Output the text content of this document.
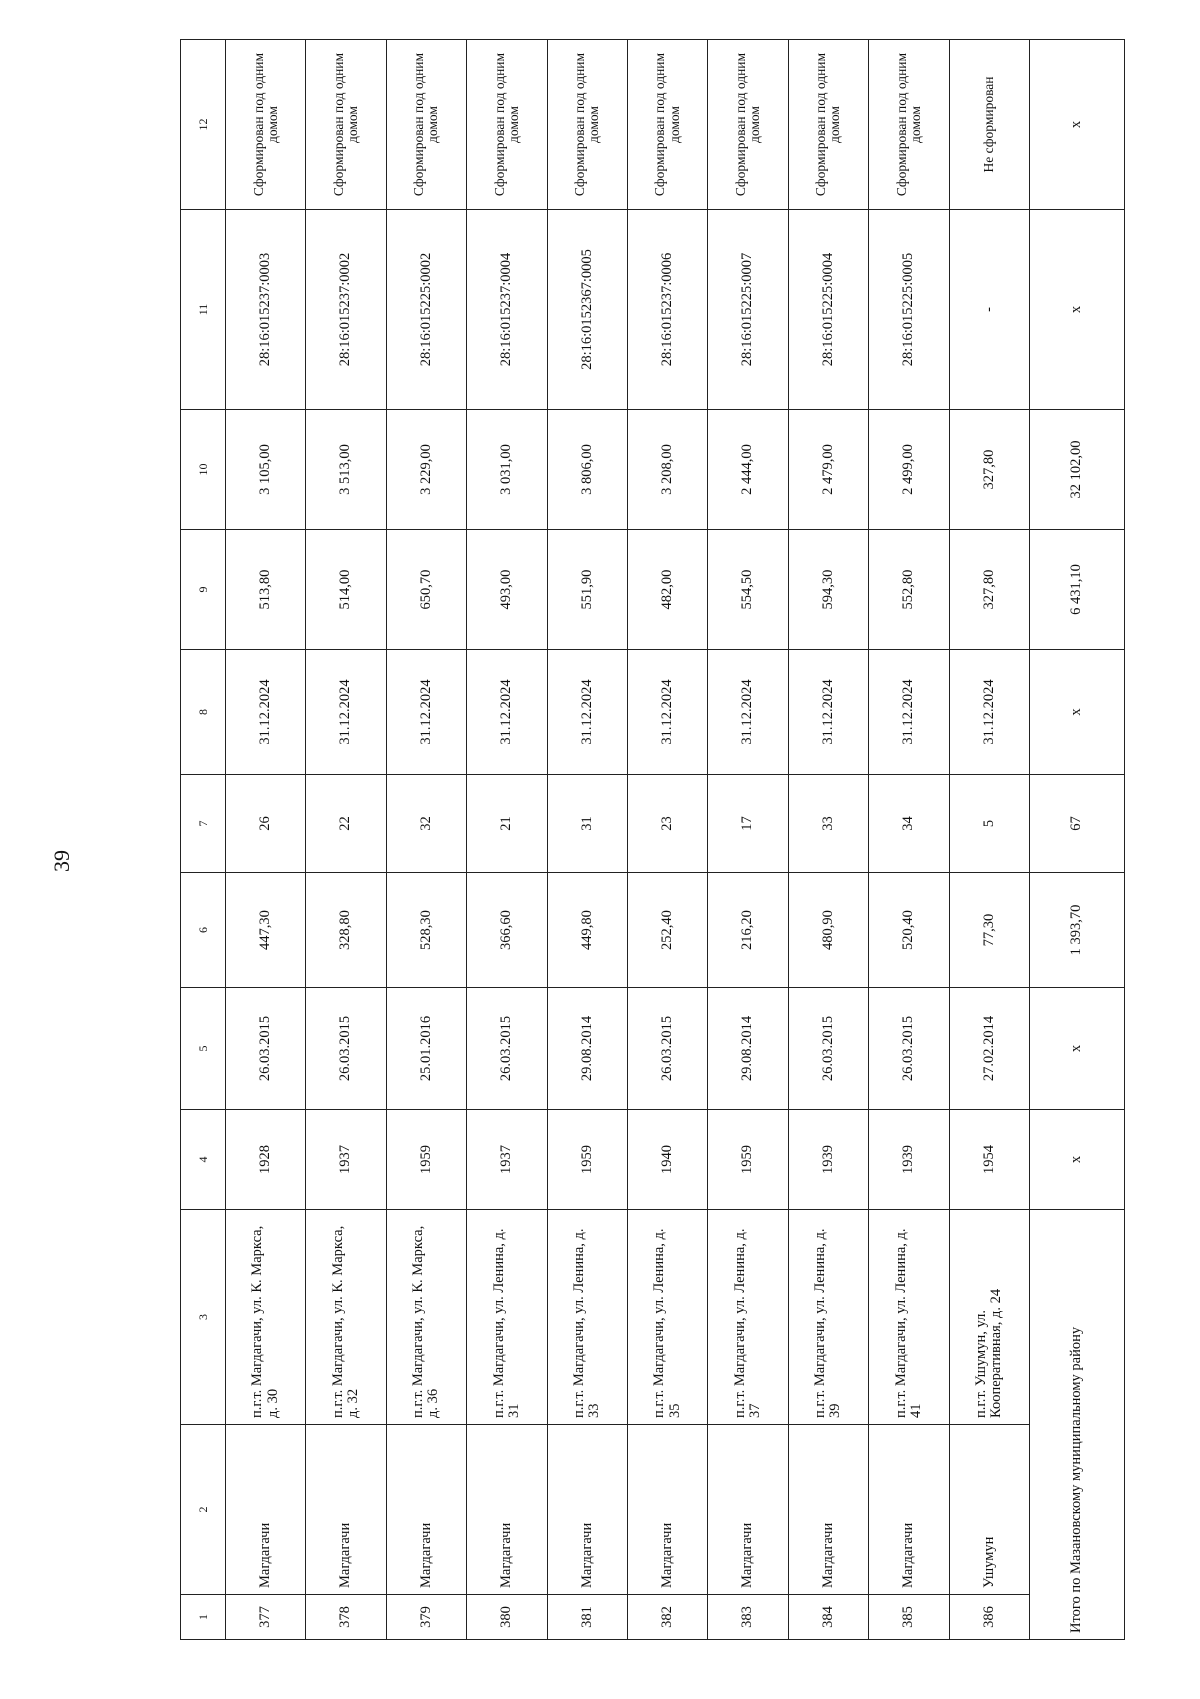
39
1	2	3	4	5	6	7	8	9	10	11	12
377	Магдагачи	п.г.т. Магдагачи, ул. К. Маркса, д. 30	1928	26.03.2015	447,30	26	31.12.2024	513,80	3 105,00	28:16:015237:0003	Сформирован под одним домом
378	Магдагачи	п.г.т. Магдагачи, ул. К. Маркса, д. 32	1937	26.03.2015	328,80	22	31.12.2024	514,00	3 513,00	28:16:015237:0002	Сформирован под одним домом
379	Магдагачи	п.г.т. Магдагачи, ул. К. Маркса, д. 36	1959	25.01.2016	528,30	32	31.12.2024	650,70	3 229,00	28:16:015225:0002	Сформирован под одним домом
380	Магдагачи	п.г.т. Магдагачи, ул. Ленина, д. 31	1937	26.03.2015	366,60	21	31.12.2024	493,00	3 031,00	28:16:015237:0004	Сформирован под одним домом
381	Магдагачи	п.г.т. Магдагачи, ул. Ленина, д. 33	1959	29.08.2014	449,80	31	31.12.2024	551,90	3 806,00	28:16:0152367:0005	Сформирован под одним домом
382	Магдагачи	п.г.т. Магдагачи, ул. Ленина, д. 35	1940	26.03.2015	252,40	23	31.12.2024	482,00	3 208,00	28:16:015237:0006	Сформирован под одним домом
383	Магдагачи	п.г.т. Магдагачи, ул. Ленина, д. 37	1959	29.08.2014	216,20	17	31.12.2024	554,50	2 444,00	28:16:015225:0007	Сформирован под одним домом
384	Магдагачи	п.г.т. Магдагачи, ул. Ленина, д. 39	1939	26.03.2015	480,90	33	31.12.2024	594,30	2 479,00	28:16:015225:0004	Сформирован под одним домом
385	Магдагачи	п.г.т. Магдагачи, ул. Ленина, д. 41	1939	26.03.2015	520,40	34	31.12.2024	552,80	2 499,00	28:16:015225:0005	Сформирован под одним домом
386	Ушумун	п.г.т. Ушумун, ул. Кооперативная, д. 24	1954	27.02.2014	77,30	5	31.12.2024	327,80	327,80	-	Не сформирован
Итого по Мазановскому муниципальному району			х	х	1 393,70	67	х	6 431,10	32 102,00	х	х
